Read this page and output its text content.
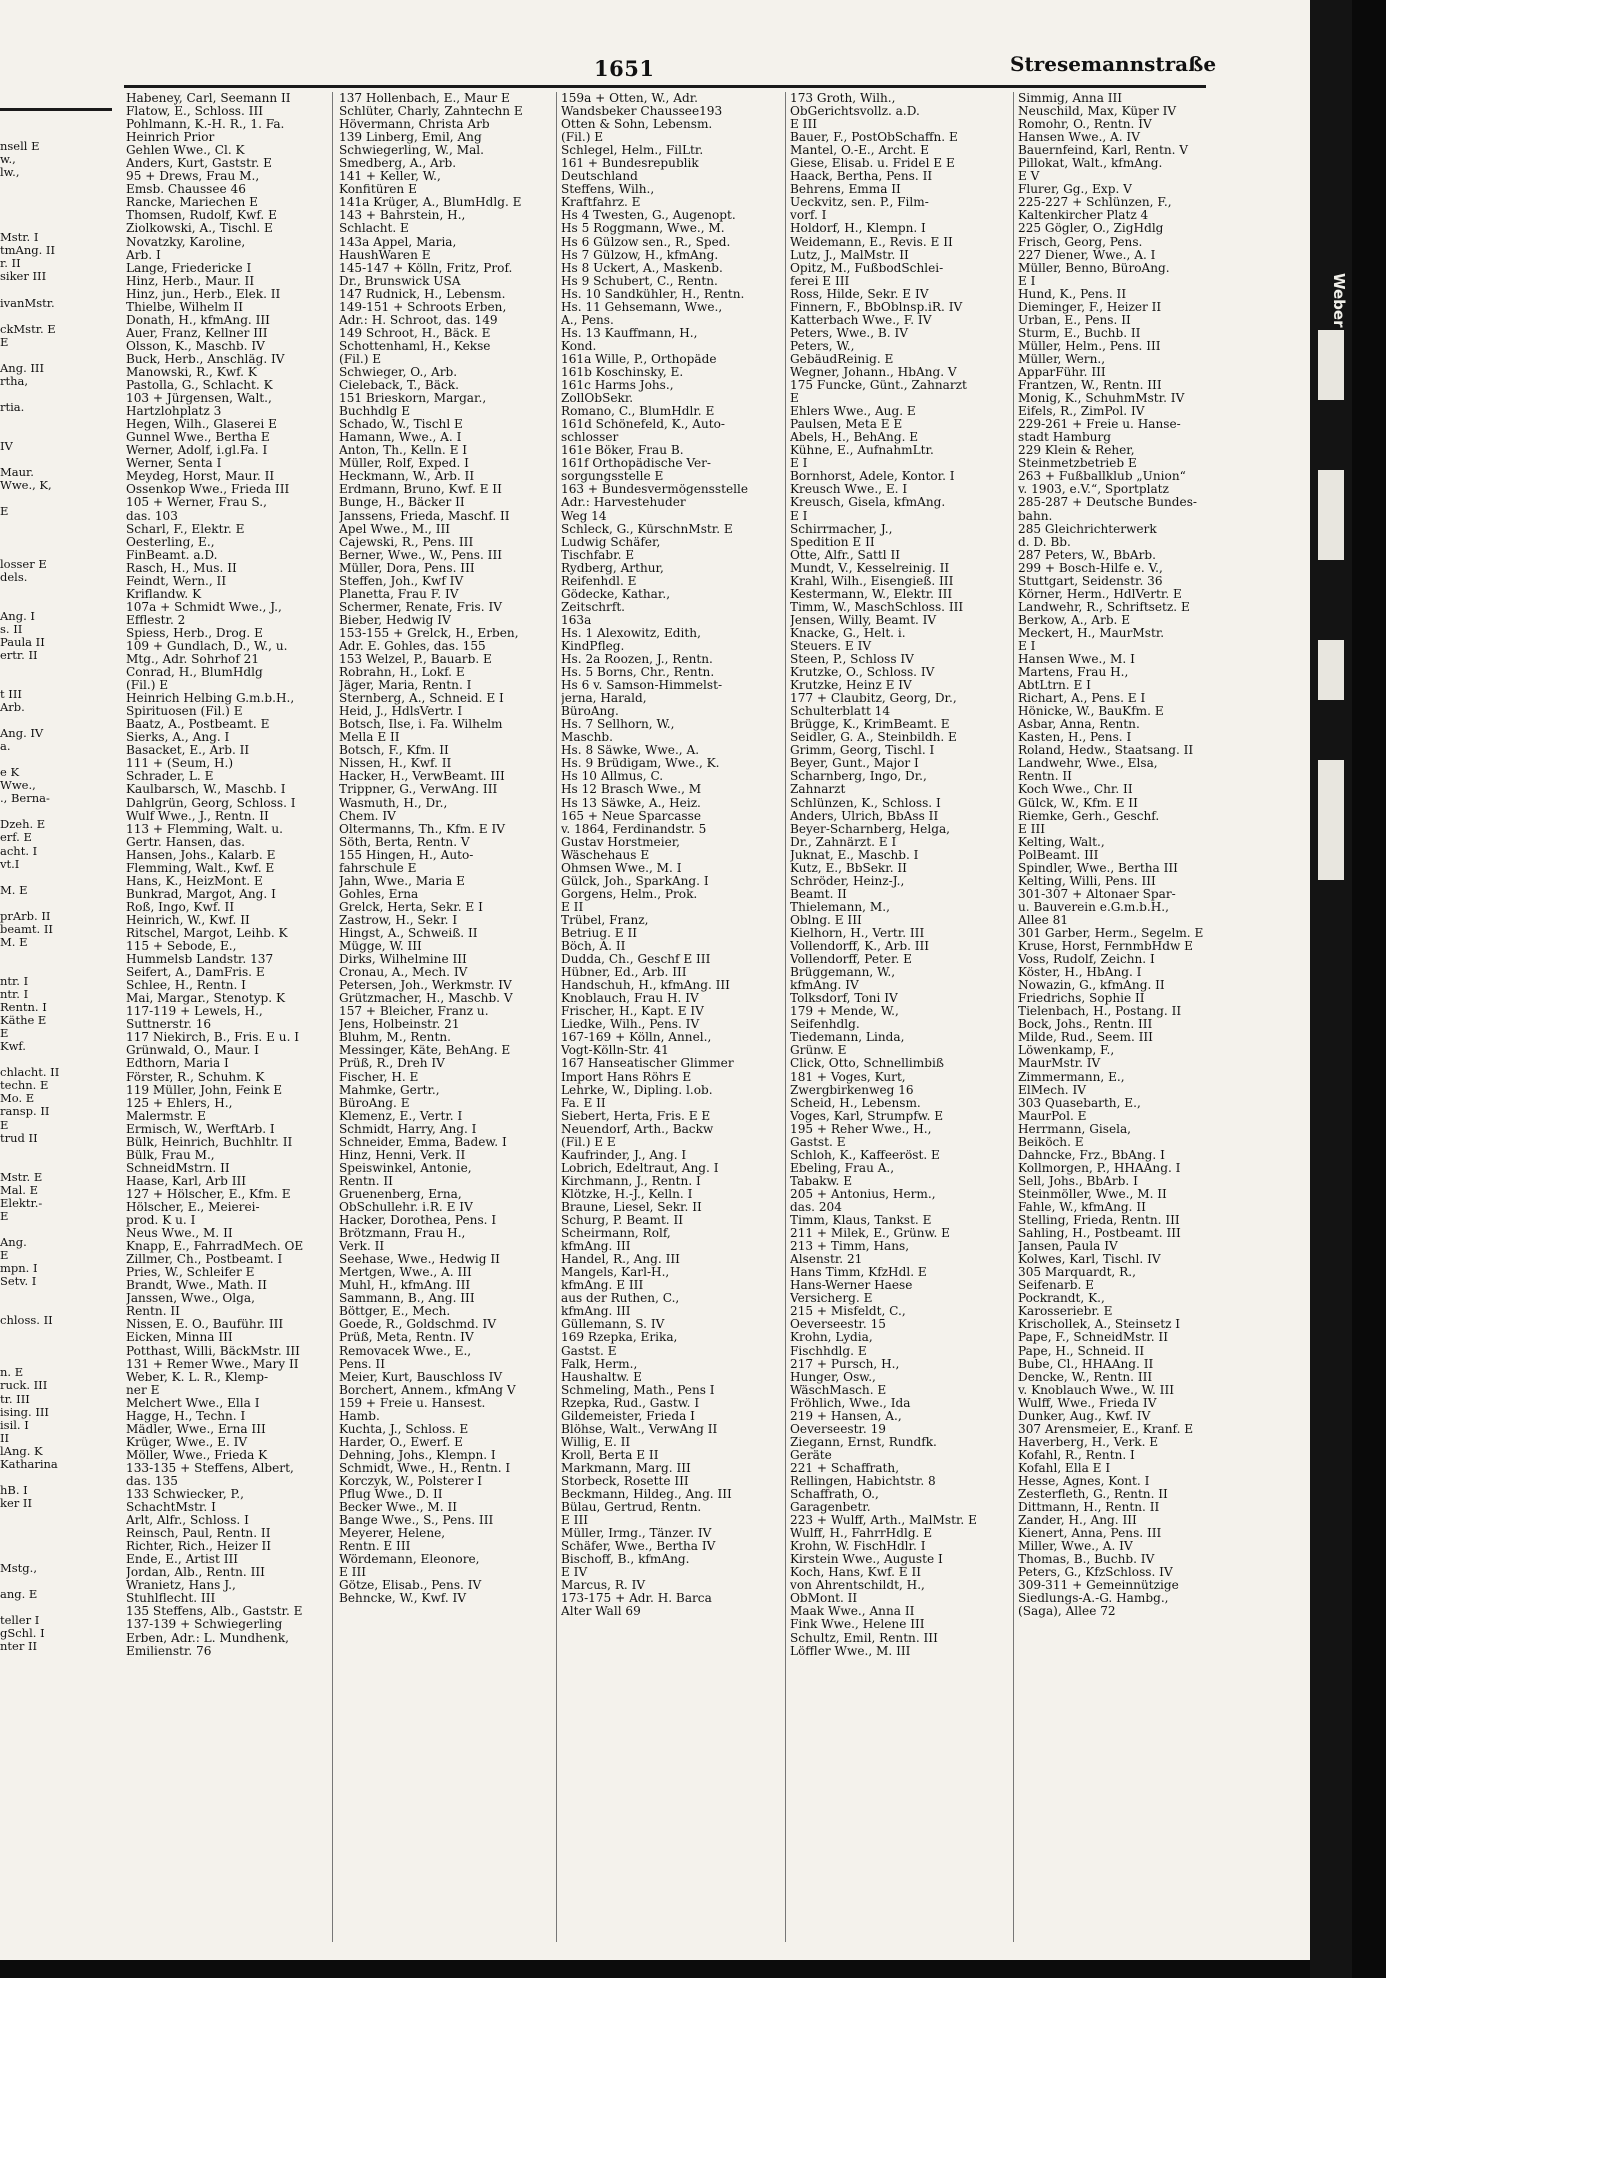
nsell E
w.,
lw.,
Mstr. I
tmAng. II
r. II
siker III
ivanMstr.
ckMstr. E
E
Ang. III
rtha,
rtia.
IV
Maur.
Wwe., K,
E
losser E
dels.
Ang. I
s. II
Paula II
ertr. II
t III
Arb.
Ang. IV
a.
e K
Wwe.,
., Berna-
Dzeh. E
erf. E
acht. I
vt.I
M. E
prArb. II
beamt. II
M. E
ntr. I
ntr. I
Rentn. I
Käthe E
E
Kwf.
chlacht. II
techn. E
Mo. E
ransp. II
E
trud II
Mstr. E
Mal. E
Elektr.-
E
Ang.
E
mpn. I
Setv. I
chloss. II
n. E
ruck. III
tr. III
ising. III
isil. I
II
lAng. K
Katharina
hB. I
ker II
Mstg.,
ang. E
teller I
gSchl. I
nter II
1651	Stresemannstraße
Habeney, Carl, Seemann II
Flatow, E., Schloss. III
Pohlmann, K.-H. R., 1. Fa.
Heinrich Prior
Gehlen Wwe., Cl. K
Anders, Kurt, Gaststr. E
95 + Drews, Frau M.,
Emsb. Chaussee 46
Rancke, Mariechen E
Thomsen, Rudolf, Kwf. E
Ziolkowski, A., Tischl. E
Novatzky, Karoline,
Arb. I
Lange, Friedericke I
Hinz, Herb., Maur. II
Hinz, jun., Herb., Elek. II
Thielbe, Wilhelm II
Donath, H., kfmAng. III
Auer, Franz, Kellner III
Olsson, K., Maschb. IV
Buck, Herb., Anschläg. IV
Manowski, R., Kwf. K
Pastolla, G., Schlacht. K
103 + Jürgensen, Walt.,
Hartzlohplatz 3
Hegen, Wilh., Glaserei E
Gunnel Wwe., Bertha E
Werner, Adolf, i.gl.Fa. I
Werner, Senta I
Meydeg, Horst, Maur. II
Ossenkop Wwe., Frieda III
105 + Werner, Frau S.,
das. 103
Scharl, F., Elektr. E
Oesterling, E.,
FinBeamt. a.D.
Rasch, H., Mus. II
Feindt, Wern., II
Kriflandw. K
107a + Schmidt Wwe., J.,
Efflestr. 2
Spiess, Herb., Drog. E
109 + Gundlach, D., W., u.
Mtg., Adr. Sohrhof 21
Conrad, H., BlumHdlg
(Fil.) E
Heinrich Helbing G.m.b.H.,
Spirituosen (Fil.) E
Baatz, A., Postbeamt. E
Sierks, A., Ang. I
Basacket, E., Arb. II
111 + (Seum, H.)
Schrader, L. E
Kaulbarsch, W., Maschb. I
Dahlgrün, Georg, Schloss. I
Wulf Wwe., J., Rentn. II
113 + Flemming, Walt. u.
Gertr. Hansen, das.
Hansen, Johs., Kalarb. E
Flemming, Walt., Kwf. E
Hans, K., HeizMont. E
Bunkrad, Margot, Ang. I
Roß, Ingo, Kwf. II
Heinrich, W., Kwf. II
Ritschel, Margot, Leihb. K
115 + Sebode, E.,
Hummelsb Landstr. 137
Seifert, A., DamFris. E
Schlee, H., Rentn. I
Mai, Margar., Stenotyp. K
117-119 + Lewels, H.,
Suttnerstr. 16
117 Niekirch, B., Fris. E u. I
Grünwald, O., Maur. I
Edthorn, Maria I
Förster, R., Schuhm. K
119 Müller, John, Feink E
125 + Ehlers, H.,
Malermstr. E
Ermisch, W., WerftArb. I
Bülk, Heinrich, Buchhltr. II
Bülk, Frau M.,
SchneidMstrn. II
Haase, Karl, Arb III
127 + Hölscher, E., Kfm. E
Hölscher, E., Meierei-
prod. K u. I
Neus Wwe., M. II
Knapp, E., FahrradMech. OE
Zillmer, Ch., Postbeamt. I
Pries, W., Schleifer E
Brandt, Wwe., Math. II
Janssen, Wwe., Olga,
Rentn. II
Nissen, E. O., Bauführ. III
Eicken, Minna III
Potthast, Willi, BäckMstr. III
131 + Remer Wwe., Mary II
Weber, K. L. R., Klemp-
ner E
Melchert Wwe., Ella I
Hagge, H., Techn. I
Mädler, Wwe., Erna III
Krüger, Wwe., E. IV
Möller, Wwe., Frieda K
133-135 + Steffens, Albert,
das. 135
133 Schwiecker, P.,
SchachtMstr. I
Arlt, Alfr., Schloss. I
Reinsch, Paul, Rentn. II
Richter, Rich., Heizer II
Ende, E., Artist III
Jordan, Alb., Rentn. III
Wranietz, Hans J.,
Stuhlflecht. III
135 Steffens, Alb., Gaststr. E
137-139 + Schwiegerling
Erben, Adr.: L. Mundhenk,
Emilienstr. 76
137 Hollenbach, E., Maur E
Schlüter, Charly, Zahntechn E
Hövermann, Christa Arb
139 Linberg, Emil, Ang
Schwiegerling, W., Mal.
Smedberg, A., Arb.
141 + Keller, W.,
Konfitüren E
141a Krüger, A., BlumHdlg. E
143 + Bahrstein, H.,
Schlacht. E
143a Appel, Maria,
HaushWaren E
145-147 + Kölln, Fritz, Prof.
Dr., Brunswick USA
147 Rudnick, H., Lebensm.
149-151 + Schroots Erben,
Adr.: H. Schroot, das. 149
149 Schroot, H., Bäck. E
Schottenhaml, H., Kekse
(Fil.) E
Schwieger, O., Arb.
Cieleback, T., Bäck.
151 Brieskorn, Margar.,
Buchhdlg E
Schado, W., Tischl E
Hamann, Wwe., A. I
Anton, Th., Kelln. E I
Müller, Rolf, Exped. I
Heckmann, W., Arb. II
Erdmann, Bruno, Kwf. E II
Bunge, H., Bäcker II
Janssens, Frieda, Maschf. II
Apel Wwe., M., III
Cajewski, R., Pens. III
Berner, Wwe., W., Pens. III
Müller, Dora, Pens. III
Steffen, Joh., Kwf IV
Planetta, Frau F. IV
Schermer, Renate, Fris. IV
Bieber, Hedwig IV
153-155 + Grelck, H., Erben,
Adr. E. Gohles, das. 155
153 Welzel, P., Bauarb. E
Robrahn, H., Lokf. E
Jäger, Maria, Rentn. I
Sternberg, A., Schneid. E I
Heid, J., HdlsVertr. I
Botsch, Ilse, i. Fa. Wilhelm
Mella E II
Botsch, F., Kfm. II
Nissen, H., Kwf. II
Hacker, H., VerwBeamt. III
Trippner, G., VerwAng. III
Wasmuth, H., Dr.,
Chem. IV
Oltermanns, Th., Kfm. E IV
Söth, Berta, Rentn. V
155 Hingen, H., Auto-
fahrschule E
Jahn, Wwe., Maria E
Gohles, Erna
Grelck, Herta, Sekr. E I
Zastrow, H., Sekr. I
Hingst, A., Schweiß. II
Mügge, W. III
Dirks, Wilhelmine III
Cronau, A., Mech. IV
Petersen, Joh., Werkmstr. IV
Grützmacher, H., Maschb. V
157 + Bleicher, Franz u.
Jens, Holbeinstr. 21
Bluhm, M., Rentn.
Messinger, Käte, BehAng. E
Prüß, R., Dreh IV
Fischer, H. E
Mahmke, Gertr.,
BüroAng. E
Klemenz, E., Vertr. I
Schmidt, Harry, Ang. I
Schneider, Emma, Badew. I
Hinz, Henni, Verk. II
Speiswinkel, Antonie,
Rentn. II
Gruenenberg, Erna,
ObSchullehr. i.R. E IV
Hacker, Dorothea, Pens. I
Brötzmann, Frau H.,
Verk. II
Seehase, Wwe., Hedwig II
Mertgen, Wwe., A. III
Muhl, H., kfmAng. III
Sammann, B., Ang. III
Böttger, E., Mech.
Goede, R., Goldschmd. IV
Prüß, Meta, Rentn. IV
Removacek Wwe., E.,
Pens. II
Meier, Kurt, Bauschloss IV
Borchert, Annem., kfmAng V
159 + Freie u. Hansest.
Hamb.
Kuchta, J., Schloss. E
Harder, O., Ewerf. E
Dehning, Johs., Klempn. I
Schmidt, Wwe., H., Rentn. I
Korczyk, W., Polsterer I
Pflug Wwe., D. II
Becker Wwe., M. II
Bange Wwe., S., Pens. III
Meyerer, Helene,
Rentn. E III
Wördemann, Eleonore,
E III
Götze, Elisab., Pens. IV
Behncke, W., Kwf. IV
159a + Otten, W., Adr.
Wandsbeker Chaussee193
Otten & Sohn, Lebensm.
(Fil.) E
Schlegel, Helm., FilLtr.
161 + Bundesrepublik
Deutschland
Steffens, Wilh.,
Kraftfahrz. E
Hs 4 Twesten, G., Augenopt.
Hs 5 Roggmann, Wwe., M.
Hs 6 Gülzow sen., R., Sped.
Hs 7 Gülzow, H., kfmAng.
Hs 8 Uckert, A., Maskenb.
Hs 9 Schubert, C., Rentn.
Hs. 10 Sandkühler, H., Rentn.
Hs. 11 Gehsemann, Wwe.,
A., Pens.
Hs. 13 Kauffmann, H.,
Kond.
161a Wille, P., Orthopäde
161b Koschinsky, E.
161c Harms Johs.,
ZollObSekr.
Romano, C., BlumHdlr. E
161d Schönefeld, K., Auto-
schlosser
161e Böker, Frau B.
161f Orthopädische Ver-
sorgungsstelle E
163 + Bundesvermögensstelle
Adr.: Harvestehuder
Weg 14
Schleck, G., KürschnMstr. E
Ludwig Schäfer,
Tischfabr. E
Rydberg, Arthur,
Reifenhdl. E
Gödecke, Kathar.,
Zeitschrft.
163a
Hs. 1 Alexowitz, Edith,
KindPfleg.
Hs. 2a Roozen, J., Rentn.
Hs. 5 Borns, Chr., Rentn.
Hs 6 v. Samson-Himmelst-
jerna, Harald,
BüroAng.
Hs. 7 Sellhorn, W.,
Maschb.
Hs. 8 Säwke, Wwe., A.
Hs. 9 Brüdigam, Wwe., K.
Hs 10 Allmus, C.
Hs 12 Brasch Wwe., M
Hs 13 Säwke, A., Heiz.
165 + Neue Sparcasse
v. 1864, Ferdinandstr. 5
Gustav Horstmeier,
Wäschehaus E
Ohmsen Wwe., M. I
Gülck, Joh., SparkAng. I
Gorgens, Helm., Prok.
E II
Trübel, Franz,
Betriug. E II
Böch, A. II
Dudda, Ch., Geschf E III
Hübner, Ed., Arb. III
Handschuh, H., kfmAng. III
Knoblauch, Frau H. IV
Frischer, H., Kapt. E IV
Liedke, Wilh., Pens. IV
167-169 + Kölln, Annel.,
Vogt-Kölln-Str. 41
167 Hanseatischer Glimmer
Import Hans Röhrs E
Lehrke, W., Dipling. l.ob.
Fa. E II
Siebert, Herta, Fris. E E
Neuendorf, Arth., Backw
(Fil.) E E
Kaufrinder, J., Ang. I
Lobrich, Edeltraut, Ang. I
Kirchmann, J., Rentn. I
Klötzke, H.-J., Kelln. I
Braune, Liesel, Sekr. II
Schurg, P. Beamt. II
Scheirmann, Rolf,
kfmAng. III
Handel, R., Ang. III
Mangels, Karl-H.,
kfmAng. E III
aus der Ruthen, C.,
kfmAng. III
Güllemann, S. IV
169 Rzepka, Erika,
Gastst. E
Falk, Herm.,
Haushaltw. E
Schmeling, Math., Pens I
Rzepka, Rud., Gastw. I
Gildemeister, Frieda I
Blöhse, Walt., VerwAng II
Willig, E. II
Kroll, Berta E II
Markmann, Marg. III
Storbeck, Rosette III
Beckmann, Hildeg., Ang. III
Bülau, Gertrud, Rentn.
E III
Müller, Irmg., Tänzer. IV
Schäfer, Wwe., Bertha IV
Bischoff, B., kfmAng.
E IV
Marcus, R. IV
173-175 + Adr. H. Barca
Alter Wall 69
173 Groth, Wilh.,
ObGerichtsvollz. a.D.
E III
Bauer, F., PostObSchaffn. E
Mantel, O.-E., Archt. E
Giese, Elisab. u. Fridel E E
Haack, Bertha, Pens. II
Behrens, Emma II
Ueckvitz, sen. P., Film-
vorf. I
Holdorf, H., Klempn. I
Weidemann, E., Revis. E II
Lutz, J., MalMstr. II
Opitz, M., FußbodSchlei-
ferei E III
Ross, Hilde, Sekr. E IV
Finnern, F., BbOblnsp.iR. IV
Katterbach Wwe., F. IV
Peters, Wwe., B. IV
Peters, W.,
GebäudReinig. E
Wegner, Johann., HbAng. V
175 Funcke, Günt., Zahnarzt
E
Ehlers Wwe., Aug. E
Paulsen, Meta E E
Abels, H., BehAng. E
Kühne, E., AufnahmLtr.
E I
Bornhorst, Adele, Kontor. I
Kreusch Wwe., E. I
Kreusch, Gisela, kfmAng.
E I
Schirrmacher, J.,
Spedition E II
Otte, Alfr., Sattl II
Mundt, V., Kesselreinig. II
Krahl, Wilh., Eisengieß. III
Kestermann, W., Elektr. III
Timm, W., MaschSchloss. III
Jensen, Willy, Beamt. IV
Knacke, G., Helt. i.
Steuers. E IV
Steen, P., Schloss IV
Krutzke, O., Schloss. IV
Krutzke, Heinz E IV
177 + Claubitz, Georg, Dr.,
Schulterblatt 14
Brügge, K., KrimBeamt. E
Seidler, G. A., Steinbildh. E
Grimm, Georg, Tischl. I
Beyer, Gunt., Major I
Scharnberg, Ingo, Dr.,
Zahnarzt
Schlünzen, K., Schloss. I
Anders, Ulrich, BbAss II
Beyer-Scharnberg, Helga,
Dr., Zahnärzt. E I
Juknat, E., Maschb. I
Kutz, E., BbSekr. II
Schröder, Heinz-J.,
Beamt. II
Thielemann, M.,
Oblng. E III
Kielhorn, H., Vertr. III
Vollendorff, K., Arb. III
Vollendorff, Peter. E
Brüggemann, W.,
kfmAng. IV
Tolksdorf, Toni IV
179 + Mende, W.,
Seifenhdlg.
Tiedemann, Linda,
Grünw. E
Click, Otto, Schnellimbiß
181 + Voges, Kurt,
Zwergbirkenweg 16
Scheid, H., Lebensm.
Voges, Karl, Strumpfw. E
195 + Reher Wwe., H.,
Gastst. E
Schloh, K., Kaffeeröst. E
Ebeling, Frau A.,
Tabakw. E
205 + Antonius, Herm.,
das. 204
Timm, Klaus, Tankst. E
211 + Milek, E., Grünw. E
213 + Timm, Hans,
Alsenstr. 21
Hans Timm, KfzHdl. E
Hans-Werner Haese
Versicherg. E
215 + Misfeldt, C.,
Oeverseestr. 15
Krohn, Lydia,
Fischhdlg. E
217 + Pursch, H.,
Hunger, Osw.,
WäschMasch. E
Fröhlich, Wwe., Ida
219 + Hansen, A.,
Oeverseestr. 19
Ziegann, Ernst, Rundfk.
Geräte
221 + Schaffrath,
Rellingen, Habichtstr. 8
Schaffrath, O.,
Garagenbetr.
223 + Wulff, Arth., MalMstr. E
Wulff, H., FahrrHdlg. E
Krohn, W. FischHdlr. I
Kirstein Wwe., Auguste I
Koch, Hans, Kwf. E II
von Ahrentschildt, H.,
ObMont. II
Maak Wwe., Anna II
Fink Wwe., Helene III
Schultz, Emil, Rentn. III
Löffler Wwe., M. III
Simmig, Anna III
Neuschild, Max, Küper IV
Romohr, O., Rentn. IV
Hansen Wwe., A. IV
Bauernfeind, Karl, Rentn. V
Pillokat, Walt., kfmAng.
E V
Flurer, Gg., Exp. V
225-227 + Schlünzen, F.,
Kaltenkircher Platz 4
225 Gögler, O., ZigHdlg
Frisch, Georg, Pens.
227 Diener, Wwe., A. I
Müller, Benno, BüroAng.
E I
Hund, K., Pens. II
Dieminger, F., Heizer II
Urban, E., Pens. II
Sturm, E., Buchb. II
Müller, Helm., Pens. III
Müller, Wern.,
ApparFühr. III
Frantzen, W., Rentn. III
Monig, K., SchuhmMstr. IV
Eifels, R., ZimPol. IV
229-261 + Freie u. Hanse-
stadt Hamburg
229 Klein & Reher,
Steinmetzbetrieb E
263 + Fußballklub „Union“
v. 1903, e.V.“, Sportplatz
285-287 + Deutsche Bundes-
bahn.
285 Gleichrichterwerk
d. D. Bb.
287 Peters, W., BbArb.
299 + Bosch-Hilfe e. V.,
Stuttgart, Seidenstr. 36
Körner, Herm., HdlVertr. E
Landwehr, R., Schriftsetz. E
Berkow, A., Arb. E
Meckert, H., MaurMstr.
E I
Hansen Wwe., M. I
Martens, Frau H.,
AbtLtrn. E I
Richart, A., Pens. E I
Hönicke, W., BauKfm. E
Asbar, Anna, Rentn.
Kasten, H., Pens. I
Roland, Hedw., Staatsang. II
Landwehr, Wwe., Elsa,
Rentn. II
Koch Wwe., Chr. II
Gülck, W., Kfm. E II
Riemke, Gerh., Geschf.
E III
Kelting, Walt.,
PolBeamt. III
Spindler, Wwe., Bertha III
Kelting, Willi, Pens. III
301-307 + Altonaer Spar-
u. Bauverein e.G.m.b.H.,
Allee 81
301 Garber, Herm., Segelm. E
Kruse, Horst, FernmbHdw E
Voss, Rudolf, Zeichn. I
Köster, H., HbAng. I
Nowazin, G., kfmAng. II
Friedrichs, Sophie II
Tielenbach, H., Postang. II
Bock, Johs., Rentn. III
Milde, Rud., Seem. III
Löwenkamp, F.,
MaurMstr. IV
Zimmermann, E.,
ElMech. IV
303 Quasebarth, E.,
MaurPol. E
Herrmann, Gisela,
Beiköch. E
Dahncke, Frz., BbAng. I
Kollmorgen, P., HHAAng. I
Sell, Johs., BbArb. I
Steinmöller, Wwe., M. II
Fahle, W., kfmAng. II
Stelling, Frieda, Rentn. III
Sahling, H., Postbeamt. III
Jansen, Paula IV
Kolwes, Karl, Tischl. IV
305 Marquardt, R.,
Seifenarb. E
Pockrandt, K.,
Karosseriebr. E
Krischollek, A., Steinsetz I
Pape, F., SchneidMstr. II
Pape, H., Schneid. II
Bube, Cl., HHAAng. II
Dencke, W., Rentn. III
v. Knoblauch Wwe., W. III
Wulff, Wwe., Frieda IV
Dunker, Aug., Kwf. IV
307 Arensmeier, E., Kranf. E
Haverberg, H., Verk. E
Kofahl, R., Rentn. I
Kofahl, Ella E I
Hesse, Agnes, Kont. I
Zesterfleth, G., Rentn. II
Dittmann, H., Rentn. II
Zander, H., Ang. III
Kienert, Anna, Pens. III
Miller, Wwe., A. IV
Thomas, B., Buchb. IV
Peters, G., KfzSchloss. IV
309-311 + Gemeinnützige
Siedlungs-A.-G. Hambg.,
(Saga), Allee 72
Weber
